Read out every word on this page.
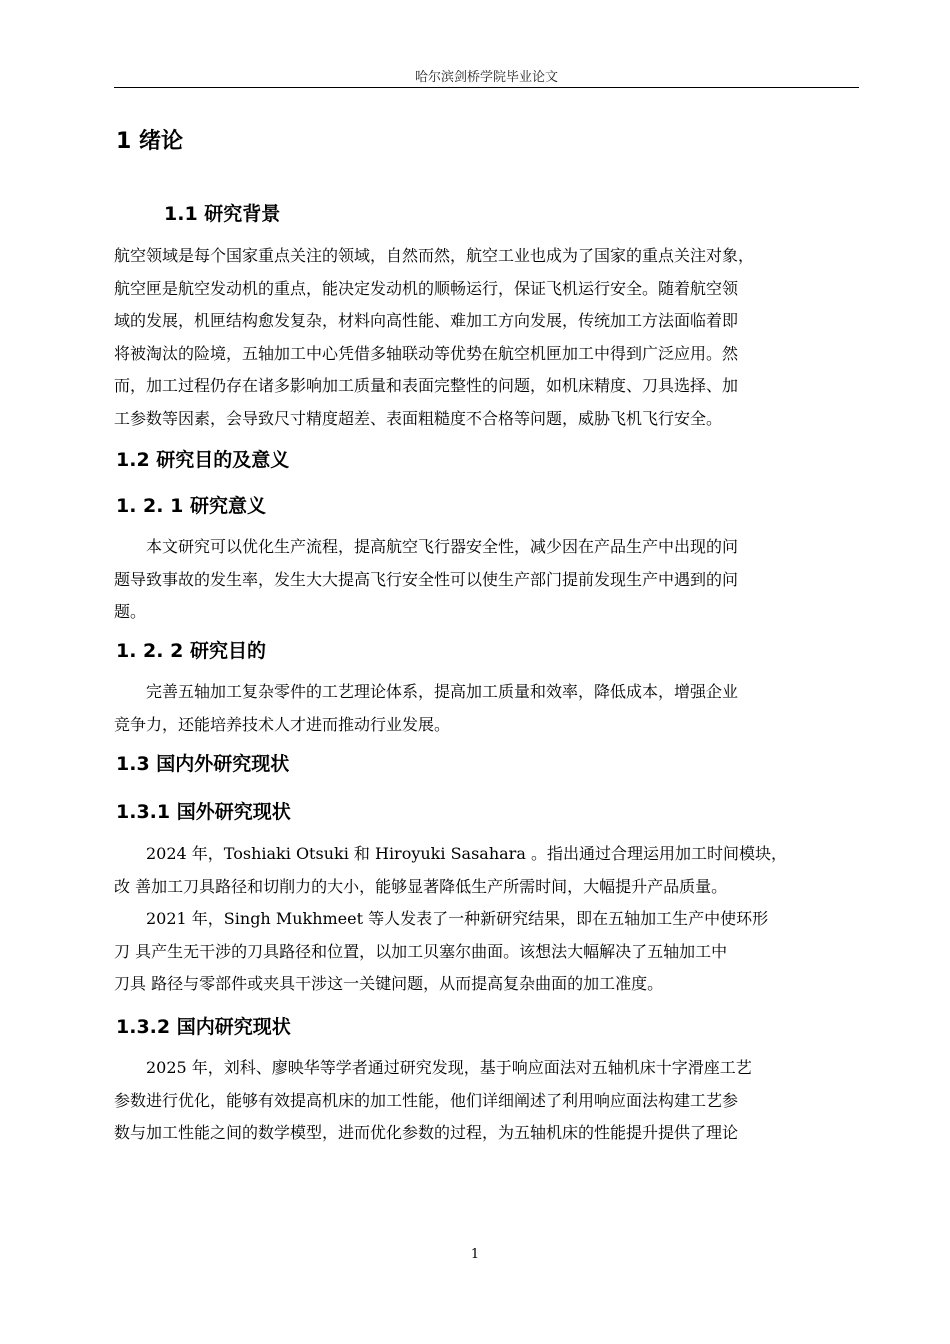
哈尔滨剑桥学院毕业论文
1 绪论
1.1 研究背景
航空领域是每个国家重点关注的领域，自然而然，航空工业也成为了国家的重点关注对象，
航空匣是航空发动机的重点，能决定发动机的顺畅运行，保证飞机运行安全。随着航空领
域的发展，机匣结构愈发复杂，材料向高性能、难加工方向发展，传统加工方法面临着即
将被淘汰的险境，五轴加工中心凭借多轴联动等优势在航空机匣加工中得到广泛应用。然
而，加工过程仍存在诸多影响加工质量和表面完整性的问题，如机床精度、刀具选择、加
工参数等因素，会导致尺寸精度超差、表面粗糙度不合格等问题，威胁飞机飞行安全。
1.2 研究目的及意义
1. 2. 1 研究意义
本文研究可以优化生产流程，提高航空飞行器安全性，减少因在产品生产中出现的问
题导致事故的发生率，发生大大提高飞行安全性可以使生产部门提前发现生产中遇到的问
题。
1. 2. 2 研究目的
完善五轴加工复杂零件的工艺理论体系，提高加工质量和效率，降低成本，增强企业
竞争力，还能培养技术人才进而推动行业发展。
1.3 国内外研究现状
1.3.1 国外研究现状
2024 年，Toshiaki Otsuki 和 Hiroyuki Sasahara 。指出通过合理运用加工时间模块，
改 善加工刀具路径和切削力的大小，能够显著降低生产所需时间，大幅提升产品质量。
2021 年，Singh Mukhmeet 等人发表了一种新研究结果，即在五轴加工生产中使环形
刀 具产生无干涉的刀具路径和位置，以加工贝塞尔曲面。该想法大幅解决了五轴加工中
刀具 路径与零部件或夹具干涉这一关键问题，从而提高复杂曲面的加工准度。
1.3.2 国内研究现状
2025 年，刘科、廖映华等学者通过研究发现，基于响应面法对五轴机床十字滑座工艺
参数进行优化，能够有效提高机床的加工性能，他们详细阐述了利用响应面法构建工艺参
数与加工性能之间的数学模型，进而优化参数的过程，为五轴机床的性能提升提供了理论
1
